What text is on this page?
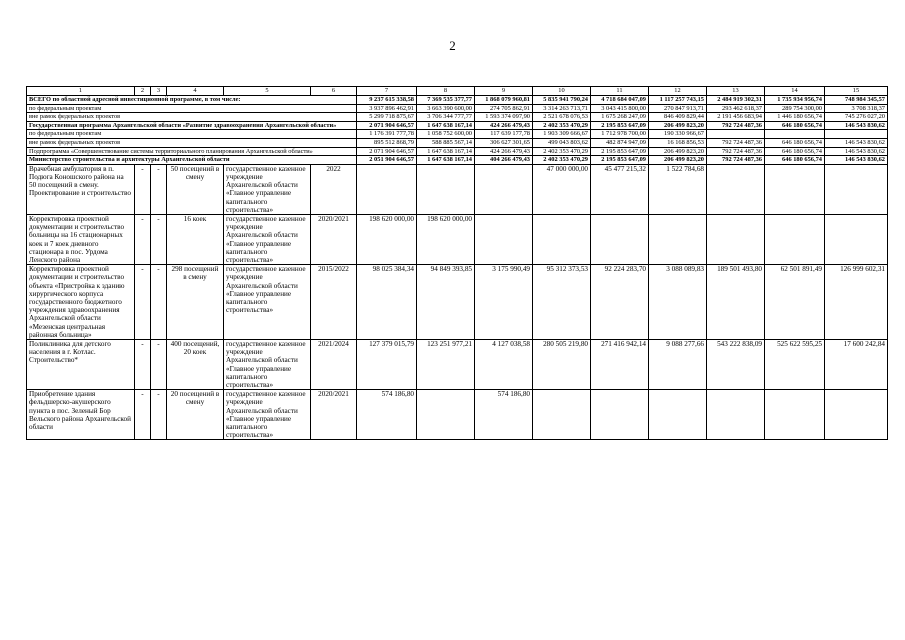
2
1	2	3	4	5	6	7	8	9	10	11	12	13	14	15
ВСЕГО по областной адресной инвестиционной программе, в том числе:						9 237 615 338,58	7 369 535 377,77	1 868 079 960,81	5 835 941 790,24	4 718 684 047,09	1 117 257 743,15	2 484 919 302,31	1 735 934 956,74	748 984 345,57
по федеральным проектам						3 937 896 462,91	3 663 390 600,00	274 705 862,91	3 314 263 713,71	3 043 415 800,00	270 847 913,71	293 462 618,37	289 754 300,00	3 708 318,37
вне рамок федеральных проектов						5 299 718 875,67	3 706 344 777,77	1 593 374 097,90	2 521 678 076,53	1 675 268 247,09	846 409 829,44	2 191 456 683,94	1 446 180 656,74	745 276 027,20
Государственная программа Архангельской области «Развитие здравоохранения Архангельской области»						2 071 904 646,57	1 647 638 167,14	424 266 479,43	2 402 353 470,29	2 195 853 647,09	206 499 823,20	792 724 487,36	646 180 656,74	146 543 830,62
по федеральным проектам						1 176 391 777,78	1 058 752 600,00	117 639 177,78	1 903 309 666,67	1 712 978 700,00	190 330 966,67			
вне рамок федеральных проектов						895 512 868,79	588 885 567,14	306 627 301,65	499 043 803,62	482 874 947,09	16 168 856,53	792 724 487,36	646 180 656,74	146 543 830,62
Подпрограмма «Совершенствование системы территориального планирования Архангельской области»						2 071 904 646,57	1 647 638 167,14	424 266 479,43	2 402 353 470,29	2 195 853 647,09	206 499 823,20	792 724 487,36	646 180 656,74	146 543 830,62
Министерство строительства и архитектуры Архангельской области						2 051 904 646,57	1 647 638 167,14	404 266 479,43	2 402 353 470,29	2 195 853 647,09	206 499 823,20	792 724 487,36	646 180 656,74	146 543 830,62
Врачебная амбулатория в п. Подюга Коношского района на 50 посещений в смену. Проектирование и строительство	-	-	50 посещений в смену	государственное казенное учреждение Архангельской области «Главное управление капитального строительства»	2022				47 000 000,00	45 477 215,32	1 522 784,68			
Корректировка проектной документации и строительство больницы на 16 стационарных коек и 7 коек дневного стационара в пос. Урдома Ленского района	-	-	16 коек	государственное казенное учреждение Архангельской области «Главное управление капитального строительства»	2020/2021	198 620 000,00	198 620 000,00							
Корректировка проектной документации и строительство объекта «Пристройка к зданию хирургического корпуса государственного бюджетного учреждения здравоохранения Архангельской области «Мезенская центральная районная больница»	-	-	298 посещений в смену	государственное казенное учреждение Архангельской области «Главное управление капитального строительства»	2015/2022	98 025 384,34	94 849 393,85	3 175 990,49	95 312 373,53	92 224 283,70	3 088 089,83	189 501 493,80	62 501 891,49	126 999 602,31
Поликлиника для детского населения в г. Котлас. Строительство*	-	-	400 посещений, 20 коек	государственное казенное учреждение Архангельской области «Главное управление капитального строительства»	2021/2024	127 379 015,79	123 251 977,21	4 127 038,58	280 505 219,80	271 416 942,14	9 088 277,66	543 222 838,09	525 622 595,25	17 600 242,84
Приобретение здания фельдшерско-акушерского пункта в пос. Зеленый Бор Вельского района Архангельской области	-	-	20 посещений в смену	государственное казенное учреждение Архангельской области «Главное управление капитального строительства»	2020/2021	574 186,80		574 186,80						
